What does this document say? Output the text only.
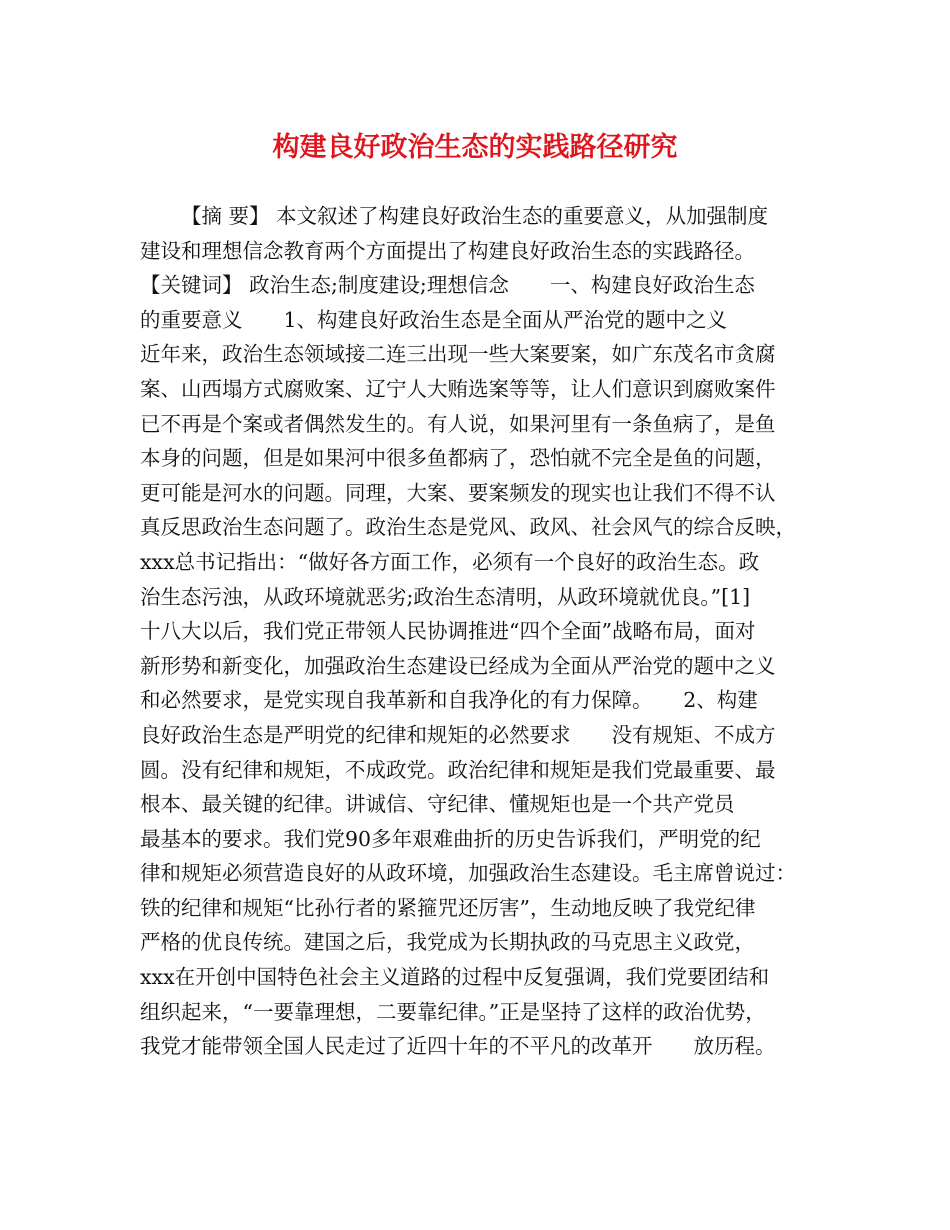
构建良好政治生态的实践路径研究
【摘 要】 本文叙述了构建良好政治生态的重要意义，从加强制度
建设和理想信念教育两个方面提出了构建良好政治生态的实践路径。
【关键词】 政治生态;制度建设;理想信念　　一、构建良好政治生态
的重要意义　　1、构建良好政治生态是全面从严治党的题中之义
近年来，政治生态领域接二连三出现一些大案要案，如广东茂名市贪腐
案、山西塌方式腐败案、辽宁人大贿选案等等，让人们意识到腐败案件
已不再是个案或者偶然发生的。有人说，如果河里有一条鱼病了，是鱼
本身的问题，但是如果河中很多鱼都病了，恐怕就不完全是鱼的问题，
更可能是河水的问题。同理，大案、要案频发的现实也让我们不得不认
真反思政治生态问题了。政治生态是党风、政风、社会风气的综合反映，
xxx总书记指出：“做好各方面工作，必须有一个良好的政治生态。政
治生态污浊，从政环境就恶劣;政治生态清明，从政环境就优良。”[1]
十八大以后，我们党正带领人民协调推进“四个全面”战略布局，面对
新形势和新变化，加强政治生态建设已经成为全面从严治党的题中之义
和必然要求，是党实现自我革新和自我净化的有力保障。　　2、构建
良好政治生态是严明党的纪律和规矩的必然要求　　没有规矩、不成方
圆。没有纪律和规矩，不成政党。政治纪律和规矩是我们党最重要、最
根本、最关键的纪律。讲诚信、守纪律、懂规矩也是一个共产党员
最基本的要求。我们党90多年艰难曲折的历史告诉我们，严明党的纪
律和规矩必须营造良好的从政环境，加强政治生态建设。毛主席曾说过：
铁的纪律和规矩“比孙行者的紧箍咒还厉害”，生动地反映了我党纪律
严格的优良传统。建国之后，我党成为长期执政的马克思主义政党，
xxx在开创中国特色社会主义道路的过程中反复强调，我们党要团结和
组织起来，“一要靠理想，二要靠纪律。”正是坚持了这样的政治优势，
我党才能带领全国人民走过了近四十年的不平凡的改革开　　放历程。
